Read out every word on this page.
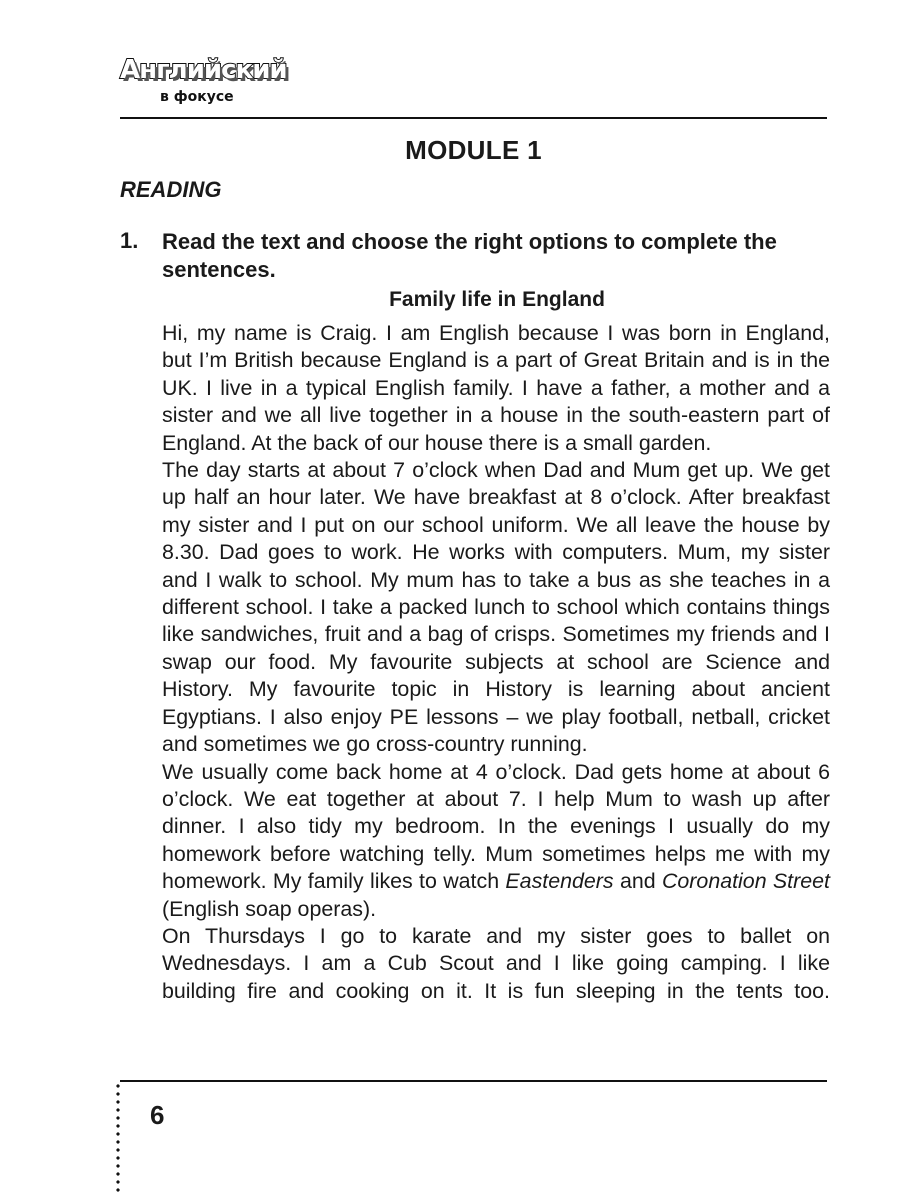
Английский
в фокусе
MODULE 1
READING
1. Read the text and choose the right options to complete the sentences.
Family life in England

Hi, my name is Craig. I am English because I was born in England, but I’m British because England is a part of Great Britain and is in the UK. I live in a typical English family. I have a father, a mother and a sister and we all live together in a house in the south-eastern part of England. At the back of our house there is a small garden.

The day starts at about 7 o’clock when Dad and Mum get up. We get up half an hour later. We have breakfast at 8 o’clock. After breakfast my sister and I put on our school uniform. We all leave the house by 8.30. Dad goes to work. He works with computers. Mum, my sister and I walk to school. My mum has to take a bus as she teaches in a different school. I take a packed lunch to school which contains things like sandwiches, fruit and a bag of crisps. Sometimes my friends and I swap our food. My favourite subjects at school are Science and History. My favourite topic in History is learning about ancient Egyptians. I also enjoy PE lessons – we play football, netball, cricket and sometimes we go cross-country running.

We usually come back home at 4 o’clock. Dad gets home at about 6 o’clock. We eat together at about 7. I help Mum to wash up after dinner. I also tidy my bedroom. In the evenings I usually do my homework before watching telly. Mum sometimes helps me with my homework. My family likes to watch Eastenders and Coronation Street (English soap operas).

On Thursdays I go to karate and my sister goes to ballet on Wednesdays. I am a Cub Scout and I like going camping. I like building fire and cooking on it. It is fun sleeping in the tents too.

6
